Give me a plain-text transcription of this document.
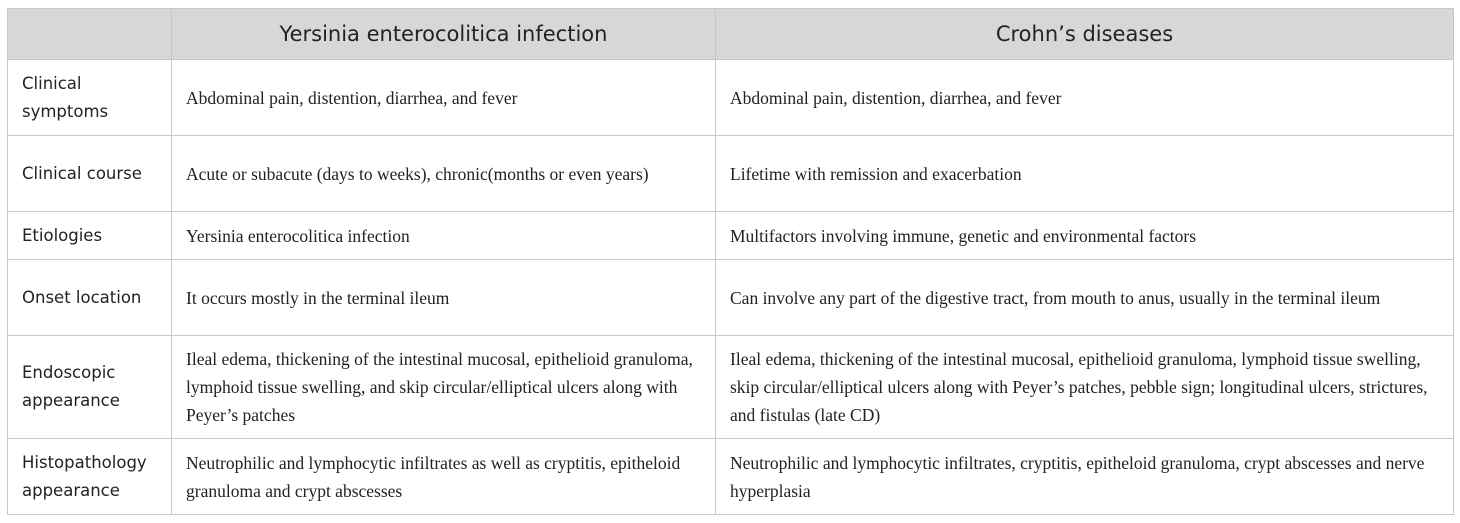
	Yersinia enterocolitica infection	Crohn’s diseases
Clinical symptoms	Abdominal pain, distention, diarrhea, and fever	Abdominal pain, distention, diarrhea, and fever
Clinical course	Acute or subacute (days to weeks), chronic(months or even years)	Lifetime with remission and exacerbation
Etiologies	Yersinia enterocolitica infection	Multifactors involving immune, genetic and environmental factors
Onset location	It occurs mostly in the terminal ileum	Can involve any part of the digestive tract, from mouth to anus, usually in the terminal ileum
Endoscopic appearance	Ileal edema, thickening of the intestinal mucosal, epithelioid granuloma, lymphoid tissue swelling, and skip circular/elliptical ulcers along with Peyer’s patches	Ileal edema, thickening of the intestinal mucosal, epithelioid granuloma, lymphoid tissue swelling, skip circular/elliptical ulcers along with Peyer’s patches, pebble sign; longitudinal ulcers, strictures, and fistulas (late CD)
Histopathology appearance	Neutrophilic and lymphocytic infiltrates as well as cryptitis, epitheloid granuloma and crypt abscesses	Neutrophilic and lymphocytic infiltrates, cryptitis, epitheloid granuloma, crypt abscesses and nerve hyperplasia
